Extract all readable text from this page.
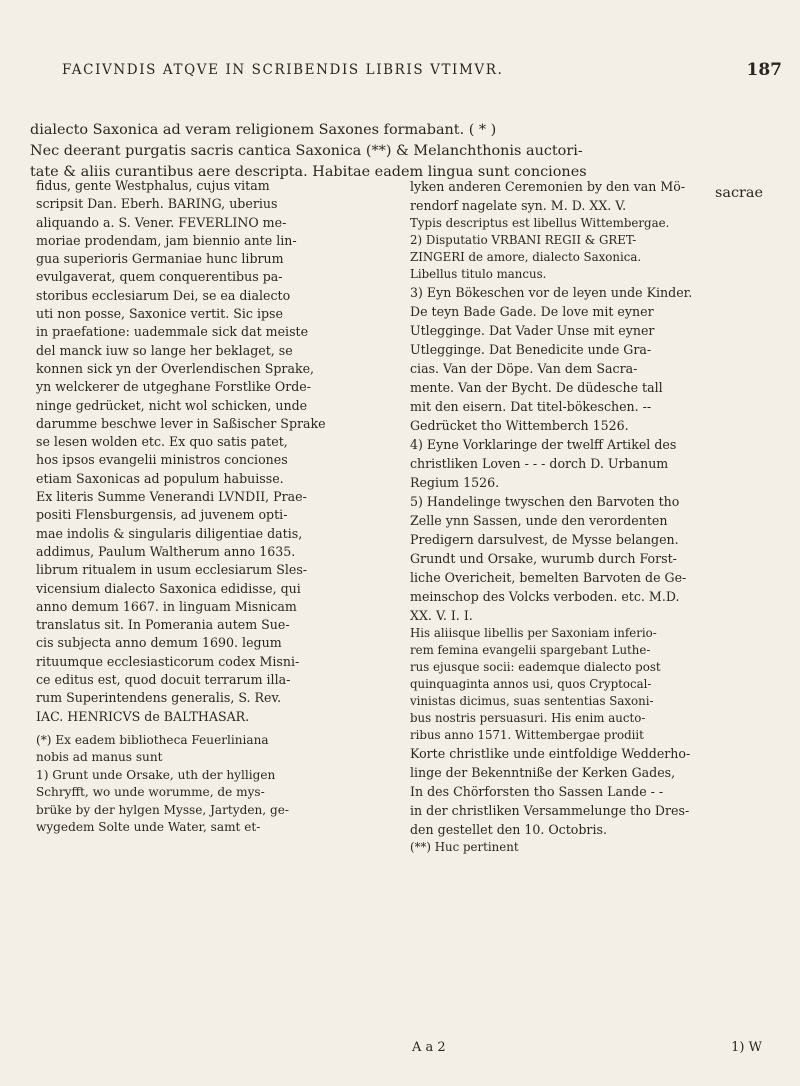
FACIVNDIS ATQVE IN SCRIBENDIS LIBRIS VTIMVR.	187

dialecto Saxonica ad veram religionem Saxones formabant. ( * )

Nec deerant purgatis sacris cantica Saxonica (**) & Melanchthonis auctori-

tate & aliis curantibus aere descripta. Habitae eadem lingua sunt conciones

sacrae

fidus, gente Westphalus, cujus vitam

scripsit Dan. Eberh. BARING, uberius

aliquando a. S. Vener. FEVERLINO me-

moriae prodendam, jam biennio ante lin-

gua superioris Germaniae hunc librum

evulgaverat, quem conquerentibus pa-

storibus ecclesiarum Dei, se ea dialecto

uti non posse, Saxonice vertit. Sic ipse

in praefatione: uademmale sick dat meiste

del manck iuw so lange her beklaget, se

konnen sick yn der Overlendischen Sprake,

yn welckerer de utgeghane Forstlike Orde-

ninge gedrücket, nicht wol schicken, unde

darumme beschwe lever in Saßischer Sprake

se lesen wolden etc. Ex quo satis patet,

hos ipsos evangelii ministros conciones

etiam Saxonicas ad populum habuisse.

Ex literis Summe Venerandi LVNDII, Prae-

positi Flensburgensis, ad juvenem opti-

mae indolis & singularis diligentiae datis,

addimus, Paulum Waltherum anno 1635.

librum ritualem in usum ecclesiarum Sles-

vicensium dialecto Saxonica edidisse, qui

anno demum 1667. in linguam Misnicam

translatus sit. In Pomerania autem Sue-

cis subjecta anno demum 1690. legum

rituumque ecclesiasticorum codex Misni-

ce editus est, quod docuit terrarum illa-

rum Superintendens generalis, S. Rev.

IAC. HENRICVS de BALTHASAR.

(*) Ex eadem bibliotheca Feuerliniana

nobis ad manus sunt

1) Grunt unde Orsake, uth der hylligen

Schryfft, wo unde worumme, de mys-

brüke by der hylgen Mysse, Jartyden, ge-

wygedem Solte unde Water, samt et-

lyken anderen Ceremonien by den van Mö-

rendorf nagelate syn. M. D. XX. V.

Typis descriptus est libellus Wittembergae.

2) Disputatio VRBANI REGII & GRET-

ZINGERI de amore, dialecto Saxonica.

Libellus titulo mancus.

3) Eyn Bökeschen vor de leyen unde Kinder.

De teyn Bade Gade. De love mit eyner

Utlegginge. Dat Vader Unse mit eyner

Utlegginge. Dat Benedicite unde Gra-

cias. Van der Döpe. Van dem Sacra-

mente. Van der Bycht. De düdesche tall

mit den eisern. Dat titel-bökeschen. --

Gedrücket tho Wittemberch 1526.

4) Eyne Vorklaringe der twelff Artikel des

christliken Loven - - - dorch D. Urbanum

Regium 1526.

5) Handelinge twyschen den Barvoten tho

Zelle ynn Sassen, unde den verordenten

Predigern darsulvest, de Mysse belangen.

Grundt und Orsake, wurumb durch Forst-

liche Overicheit, bemelten Barvoten de Ge-

meinschop des Volcks verboden. etc. M.D.

XX. V. I. I.

His aliisque libellis per Saxoniam inferio-

rem femina evangelii spargebant Luthe-

rus ejusque socii: eademque dialecto post

quinquaginta annos usi, quos Cryptocal-

vinistas dicimus, suas sententias Saxoni-

bus nostris persuasuri. His enim aucto-

ribus anno 1571. Wittembergae prodiit

Korte christlike unde eintfoldige Wedderho-

linge der Bekenntniße der Kerken Gades,

In des Chörforsten tho Sassen Lande - -

in der christliken Versammelunge tho Dres-

den gestellet den 10. Octobris.

(**) Huc pertinent

A a 2	1) W
